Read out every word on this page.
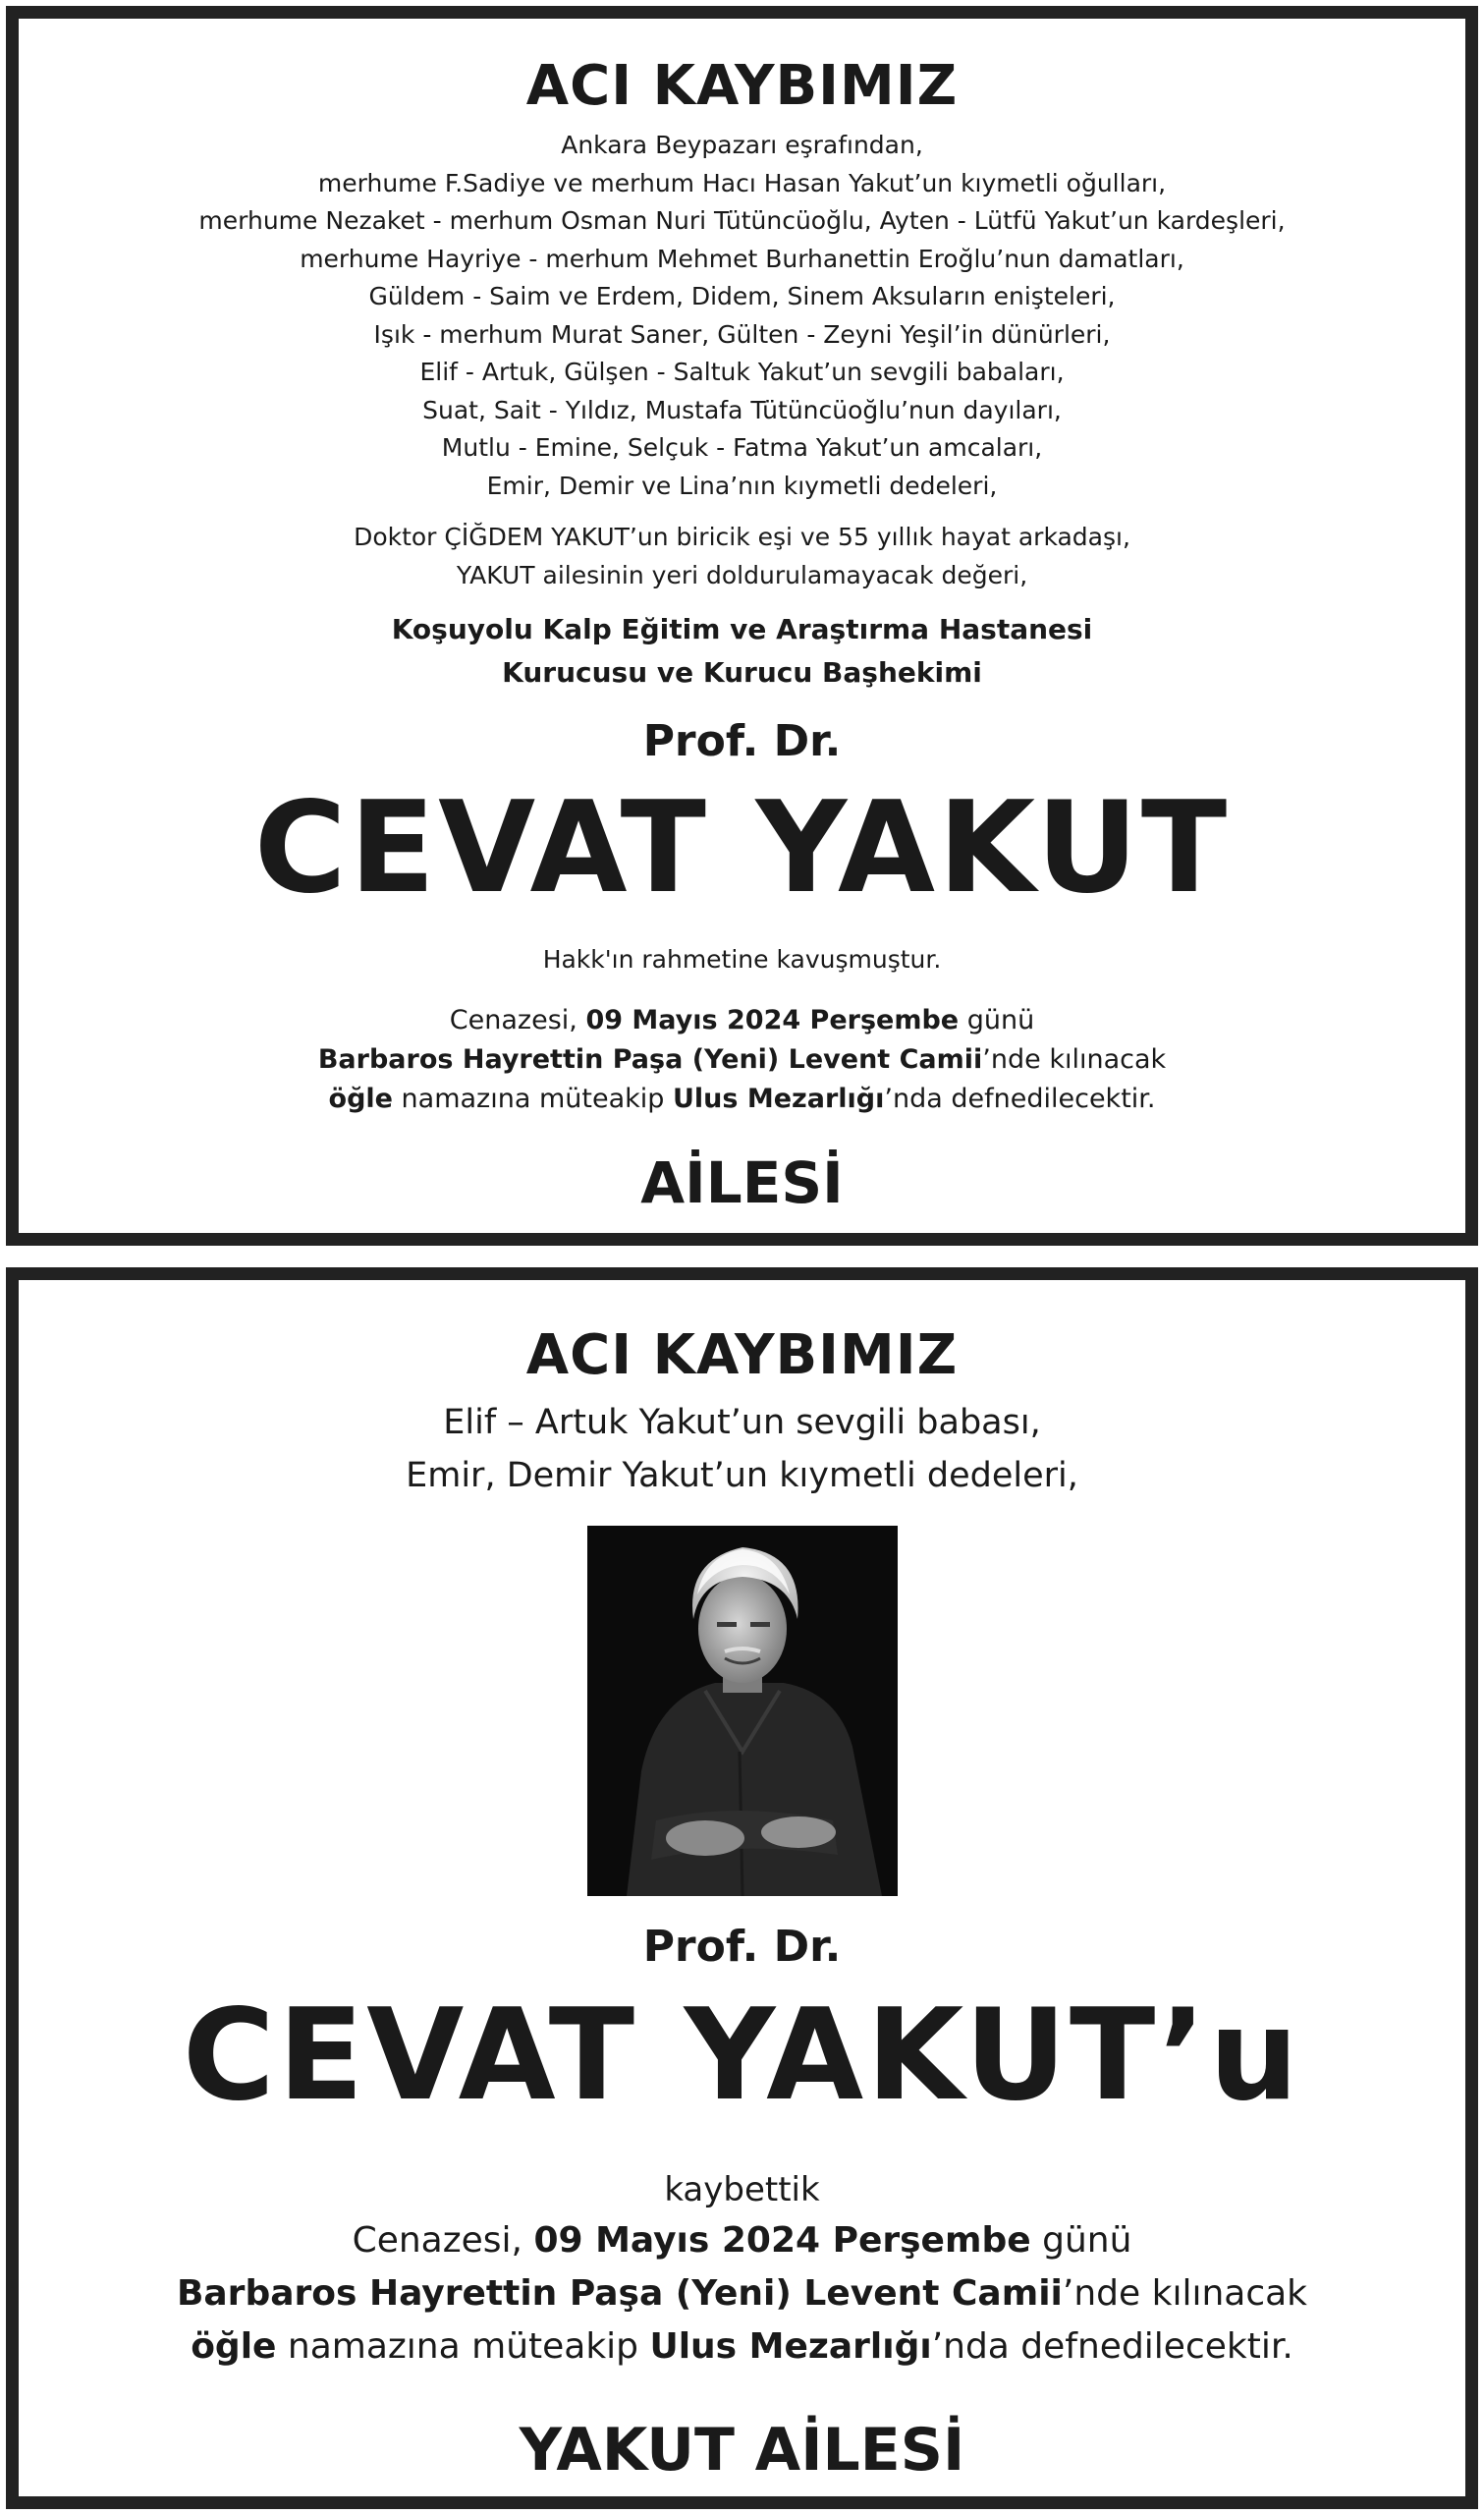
ACI KAYBIMIZ
Ankara Beypazarı eşrafından,
merhume F.Sadiye ve merhum Hacı Hasan Yakut’un kıymetli oğulları,
merhume Nezaket - merhum Osman Nuri Tütüncüoğlu, Ayten - Lütfü Yakut’un kardeşleri,
merhume Hayriye - merhum Mehmet Burhanettin Eroğlu’nun damatları,
Güldem - Saim ve Erdem, Didem, Sinem Aksuların enişteleri,
Işık - merhum Murat Saner, Gülten - Zeyni Yeşil’in dünürleri,
Elif - Artuk, Gülşen - Saltuk Yakut’un sevgili babaları,
Suat, Sait - Yıldız, Mustafa Tütüncüoğlu’nun dayıları,
Mutlu - Emine, Selçuk - Fatma Yakut’un amcaları,
Emir, Demir ve Lina’nın kıymetli dedeleri,
Doktor ÇİĞDEM YAKUT’un biricik eşi ve 55 yıllık hayat arkadaşı,
YAKUT ailesinin yeri doldurulamayacak değeri,
Koşuyolu Kalp Eğitim ve Araştırma Hastanesi
Kurucusu ve Kurucu Başhekimi
Prof. Dr.
CEVAT YAKUT
Hakk'ın rahmetine kavuşmuştur.
Cenazesi, 09 Mayıs 2024 Perşembe günü
Barbaros Hayrettin Paşa (Yeni) Levent Camii’nde kılınacak
öğle namazına müteakip Ulus Mezarlığı’nda defnedilecektir.
AİLESİ
ACI KAYBIMIZ
Elif – Artuk Yakut’un sevgili babası,
Emir, Demir Yakut’un kıymetli dedeleri,
Prof. Dr.
CEVAT YAKUT’u
kaybettik
Cenazesi, 09 Mayıs 2024 Perşembe günü
Barbaros Hayrettin Paşa (Yeni) Levent Camii’nde kılınacak
öğle namazına müteakip Ulus Mezarlığı’nda defnedilecektir.
YAKUT AİLESİ
